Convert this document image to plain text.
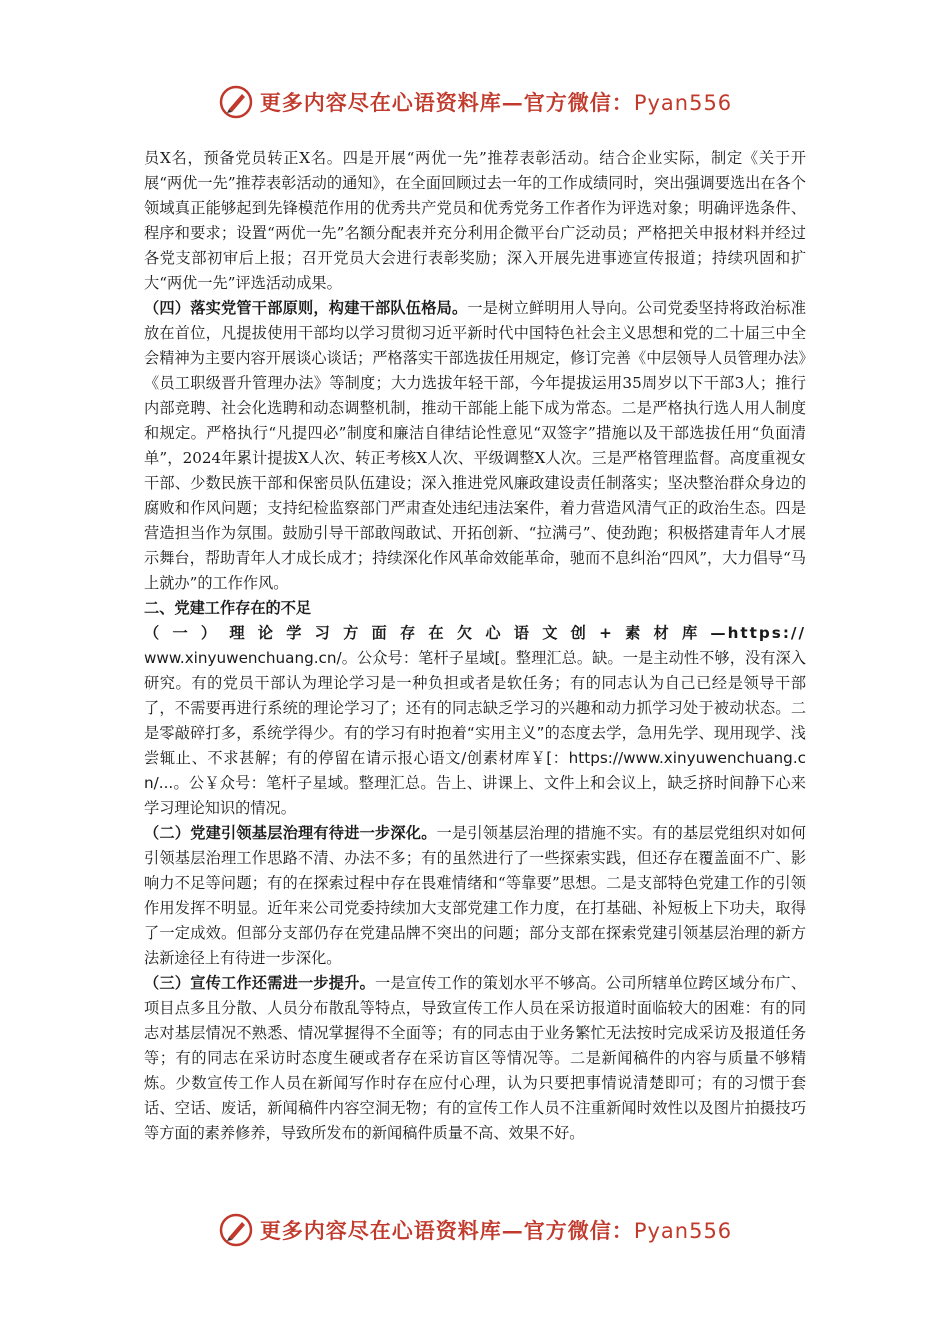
更多内容尽在心语资料库—官方微信：Pyan556

员X名，预备党员转正X名。四是开展“两优一先”推荐表彰活动。结合企业实际，制定《关于开展“两优一先”推荐表彰活动的通知》，在全面回顾过去一年的工作成绩同时，突出强调要选出在各个领域真正能够起到先锋模范作用的优秀共产党员和优秀党务工作者作为评选对象；明确评选条件、程序和要求；设置“两优一先”名额分配表并充分利用企微平台广泛动员；严格把关申报材料并经过各党支部初审后上报；召开党员大会进行表彰奖励；深入开展先进事迹宣传报道；持续巩固和扩大“两优一先”评选活动成果。

（四）落实党管干部原则，构建干部队伍格局。一是树立鲜明用人导向。公司党委坚持将政治标准放在首位，凡提拔使用干部均以学习贯彻习近平新时代中国特色社会主义思想和党的二十届三中全会精神为主要内容开展谈心谈话；严格落实干部选拔任用规定，修订完善《中层领导人员管理办法》《员工职级晋升管理办法》等制度；大力选拔年轻干部，今年提拔运用35周岁以下干部3人；推行内部竞聘、社会化选聘和动态调整机制，推动干部能上能下成为常态。二是严格执行选人用人制度和规定。严格执行“凡提四必”制度和廉洁自律结论性意见“双签字”措施以及干部选拔任用“负面清单”，2024年累计提拔X人次、转正考核X人次、平级调整X人次。三是严格管理监督。高度重视女干部、少数民族干部和保密员队伍建设；深入推进党风廉政建设责任制落实；坚决整治群众身边的腐败和作风问题；支持纪检监察部门严肃查处违纪违法案件，着力营造风清气正的政治生态。四是营造担当作为氛围。鼓励引导干部敢闯敢试、开拓创新、“拉满弓”、使劲跑；积极搭建青年人才展示舞台，帮助青年人才成长成才；持续深化作风革命效能革命，驰而不息纠治“四风”，大力倡导“马上就办”的工作作风。

二、党建工作存在的不足

（一）理论学习方面存在欠心语文创+素材库—https://

www.xinyuwenchuang.cn/。公众号：笔杆子星域[。整理汇总。缺。一是主动性不够，没有深入研究。有的党员干部认为理论学习是一种负担或者是软任务；有的同志认为自己已经是领导干部了，不需要再进行系统的理论学习了；还有的同志缺乏学习的兴趣和动力抓学习处于被动状态。二是零敲碎打多，系统学得少。有的学习有时抱着“实用主义”的态度去学，急用先学、现用现学、浅尝辄止、不求甚解；有的停留在请示报心语文/创素材库￥[：https://www.xinyuwenchuang.cn/...。公￥众号：笔杆子星域。整理汇总。告上、讲课上、文件上和会议上，缺乏挤时间静下心来学习理论知识的情况。

（二）党建引领基层治理有待进一步深化。一是引领基层治理的措施不实。有的基层党组织对如何引领基层治理工作思路不清、办法不多；有的虽然进行了一些探索实践，但还存在覆盖面不广、影响力不足等问题；有的在探索过程中存在畏难情绪和“等靠要”思想。二是支部特色党建工作的引领作用发挥不明显。近年来公司党委持续加大支部党建工作力度，在打基础、补短板上下功夫，取得了一定成效。但部分支部仍存在党建品牌不突出的问题；部分支部在探索党建引领基层治理的新方法新途径上有待进一步深化。

（三）宣传工作还需进一步提升。一是宣传工作的策划水平不够高。公司所辖单位跨区域分布广、项目点多且分散、人员分布散乱等特点，导致宣传工作人员在采访报道时面临较大的困难：有的同志对基层情况不熟悉、情况掌握得不全面等；有的同志由于业务繁忙无法按时完成采访及报道任务等；有的同志在采访时态度生硬或者存在采访盲区等情况等。二是新闻稿件的内容与质量不够精炼。少数宣传工作人员在新闻写作时存在应付心理，认为只要把事情说清楚即可；有的习惯于套话、空话、废话，新闻稿件内容空洞无物；有的宣传工作人员不注重新闻时效性以及图片拍摄技巧等方面的素养修养，导致所发布的新闻稿件质量不高、效果不好。

更多内容尽在心语资料库—官方微信：Pyan556
